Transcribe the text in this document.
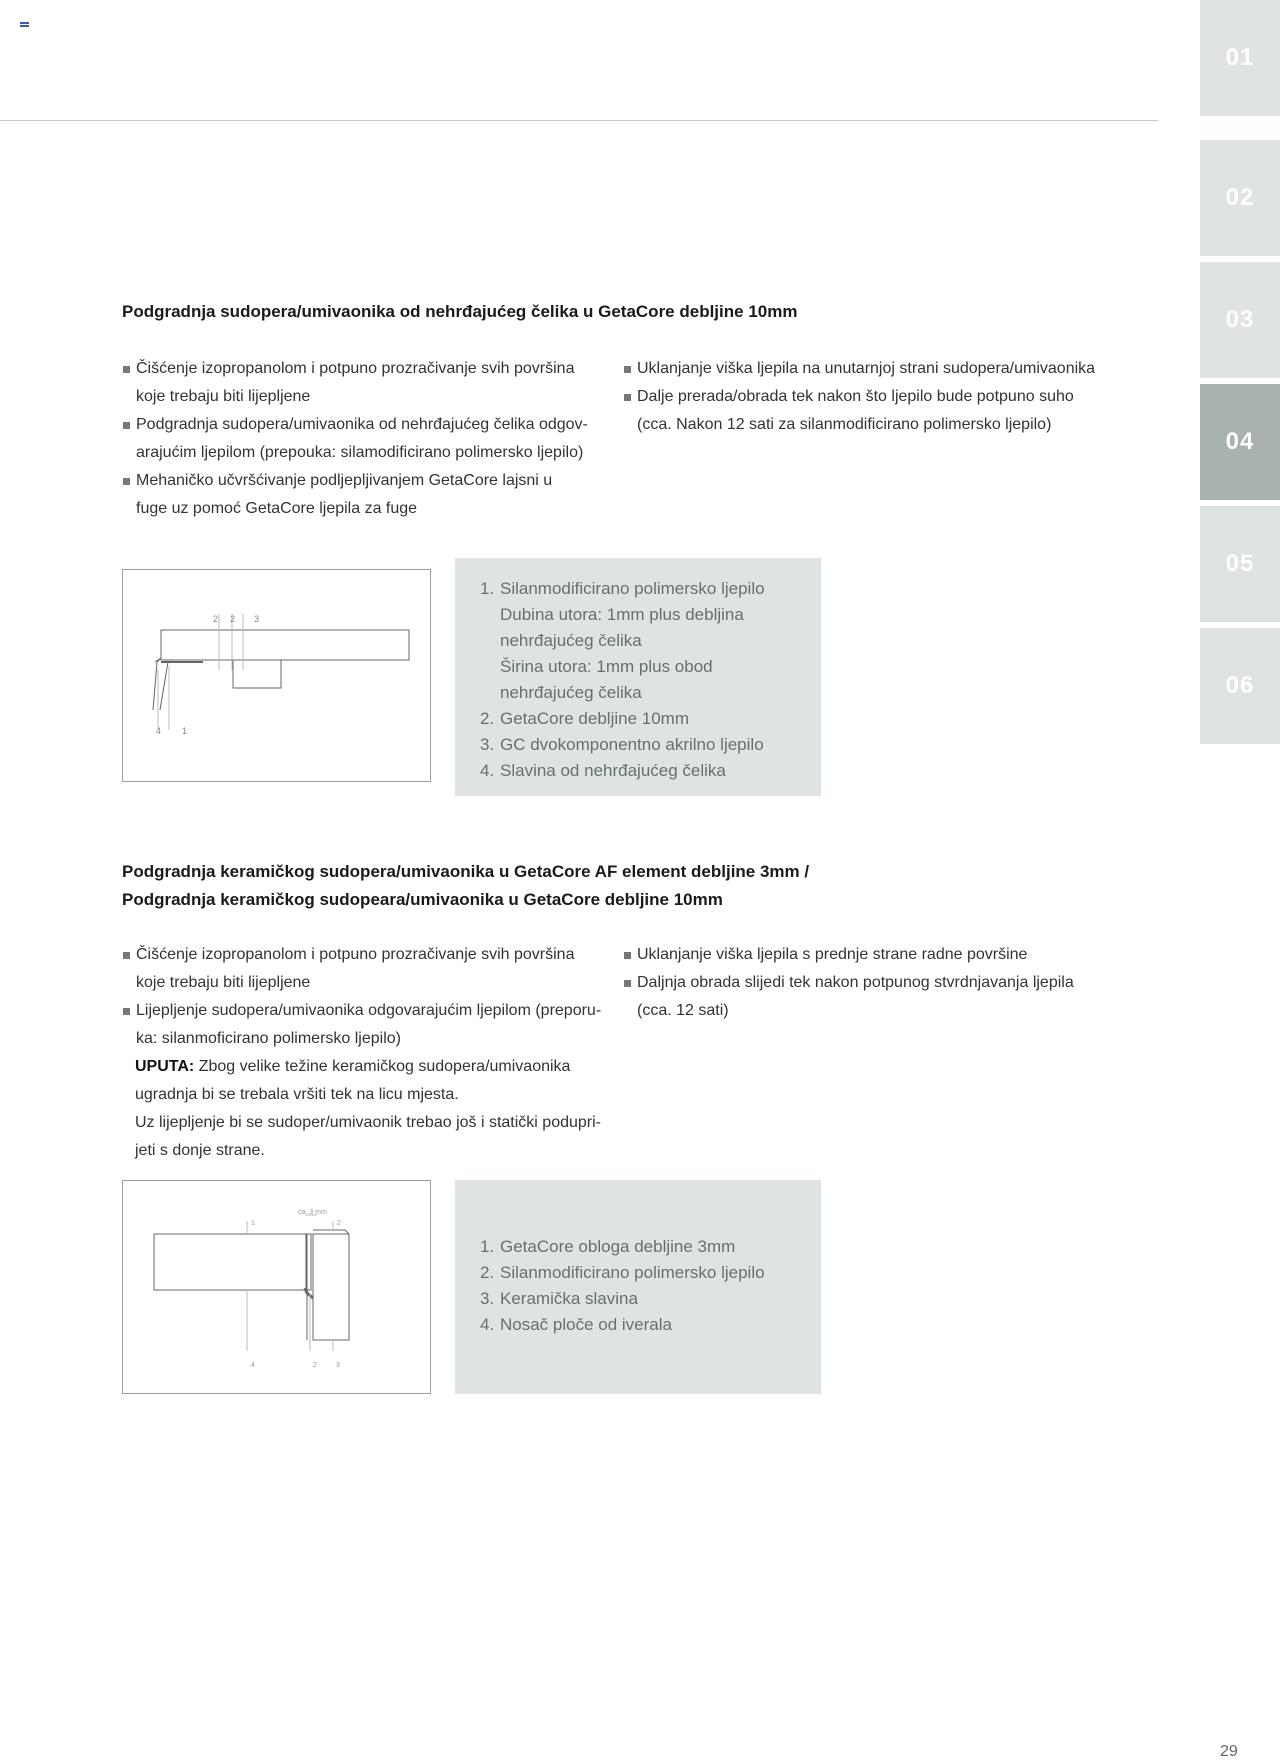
01
02
03
04
05
06
Podgradnja sudopera/umivaonika od nehrđajućeg čelika u GetaCore debljine 10mm
Čišćenje izopropanolom i potpuno prozračivanje svih površina
koje trebaju biti lijepljene
Podgradnja sudopera/umivaonika od nehrđajućeg čelika odgov-
arajućim ljepilom (prepouka: silamodificirano polimersko ljepilo)
Mehaničko učvršćivanje podljepljivanjem GetaCore lajsni u
fuge uz pomoć GetaCore ljepila za fuge
Uklanjanje viška ljepila na unutarnjoj strani sudopera/umivaonika
Dalje prerada/obrada tek nakon što ljepilo bude potpuno suho
(cca. Nakon 12 sati za silanmodificirano polimersko ljepilo)
2 2 3
4 1
1. Silanmodificirano polimersko ljepilo
Dubina utora: 1mm plus debljina
nehrđajućeg čelika
Širina utora: 1mm plus obod
nehrđajućeg čelika
2. GetaCore debljine 10mm
3. GC dvokomponentno akrilno ljepilo
4. Slavina od nehrđajućeg čelika
Podgradnja keramičkog sudopera/umivaonika u GetaCore AF element debljine 3mm /
Podgradnja keramičkog sudopeara/umivaonika u GetaCore debljine 10mm
Čišćenje izopropanolom i potpuno prozračivanje svih površina
koje trebaju biti lijepljene
Lijepljenje sudopera/umivaonika odgovarajućim ljepilom (preporu-
ka: silanmoficirano polimersko ljepilo)
UPUTA: Zbog velike težine keramičkog sudopera/umivaonika
ugradnja bi se trebala vršiti tek na licu mjesta.
Uz lijepljenje bi se sudoper/umivaonik trebao još i statički podupri-
jeti s donje strane.
Uklanjanje viška ljepila s prednje strane radne površine
Daljnja obrada slijedi tek nakon potpunog stvrdnjavanja ljepila
(cca. 12 sati)
ca. 3 mm
1	2
4	2	3
1. GetaCore obloga debljine 3mm
2. Silanmodificirano polimersko ljepilo
3. Keramička slavina
4. Nosač ploče od iverala
29
